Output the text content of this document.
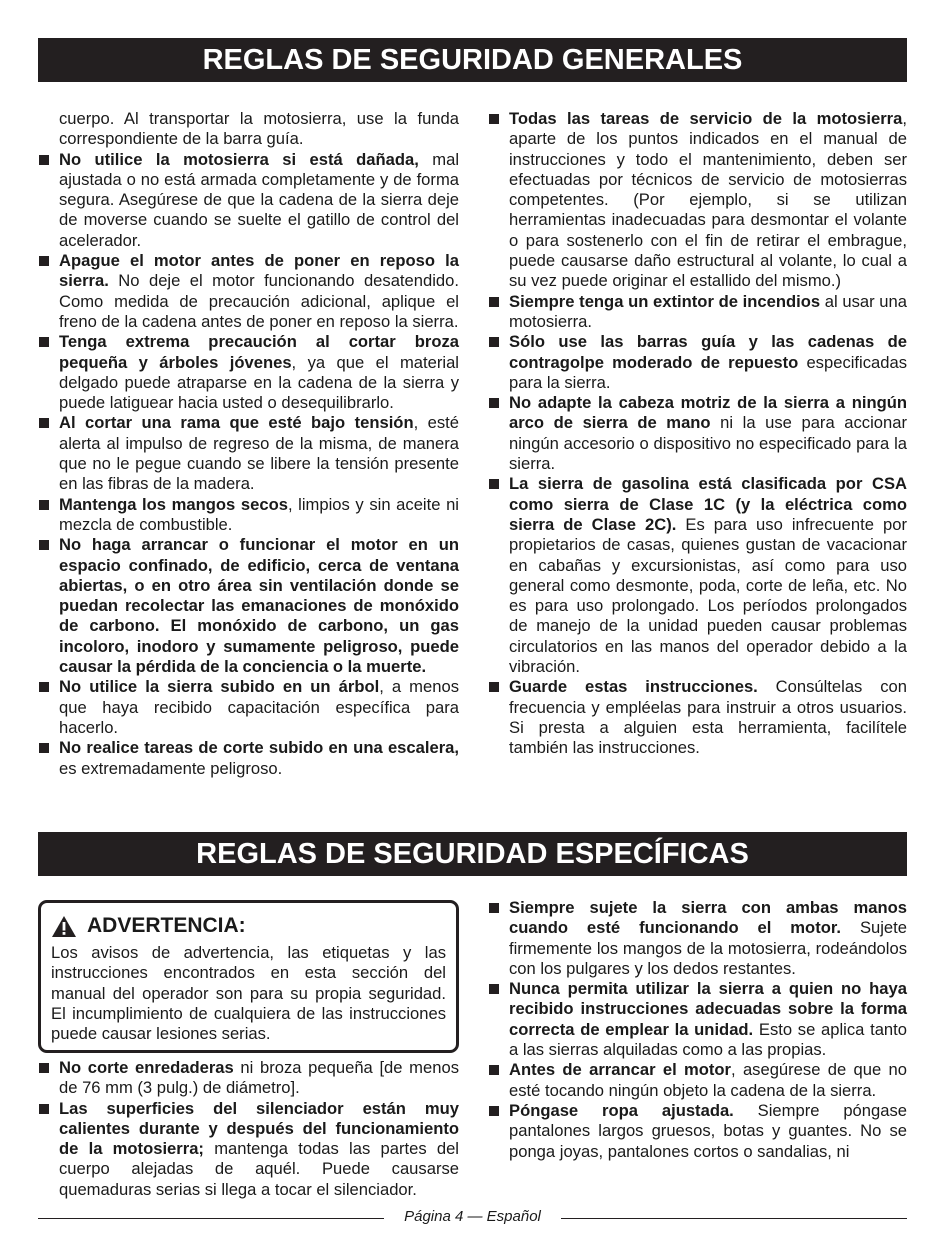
REGLAS DE SEGURIDAD GENERALES

cuerpo. Al transportar la motosierra, use la funda correspondiente de la barra guía.

No utilice la motosierra si está dañada, mal ajustada o no está armada completamente y de forma segura. Asegúrese de que la cadena de la sierra deje de moverse cuando se suelte el gatillo de control del acelerador.

Apague el motor antes de poner en reposo la sierra. No deje el motor funcionando desatendido. Como medida de precaución adicional, aplique el freno de la cadena antes de poner en reposo la sierra.

Tenga extrema precaución al cortar broza pequeña y árboles jóvenes, ya que el material delgado puede atraparse en la cadena de la sierra y puede latiguear hacia usted o desequilibrarlo.

Al cortar una rama que esté bajo tensión, esté alerta al impulso de regreso de la misma, de manera que no le pegue cuando se libere la tensión presente en las fibras de la madera.

Mantenga los mangos secos, limpios y sin aceite ni mezcla de combustible.

No haga arrancar o funcionar el motor en un espacio confinado, de edificio, cerca de ventana abiertas, o en otro área sin ventilación donde se puedan recolectar las emanaciones de monóxido de carbono. El monóxido de carbono, un gas incoloro, inodoro y sumamente peligroso, puede causar la pérdida de la conciencia o la muerte.

No utilice la sierra subido en un árbol, a menos que haya recibido capacitación específica para hacerlo.

No realice tareas de corte subido en una escalera, es extremadamente peligroso.

Todas las tareas de servicio de la motosierra, aparte de los puntos indicados en el manual de instrucciones y todo el mantenimiento, deben ser efectuadas por técnicos de servicio de motosierras competentes. (Por ejemplo, si se utilizan herramientas inadecuadas para desmontar el volante o para sostenerlo con el fin de retirar el embrague, puede causarse daño estructural al volante, lo cual a su vez puede originar el estallido del mismo.)

Siempre tenga un extintor de incendios al usar una motosierra.

Sólo use las barras guía y las cadenas de contragolpe moderado de repuesto especificadas para la sierra.

No adapte la cabeza motriz de la sierra a ningún arco de sierra de mano ni la use para accionar ningún accesorio o dispositivo no especificado para la sierra.

La sierra de gasolina está clasificada por CSA como sierra de Clase 1C (y la eléctrica como sierra de Clase 2C). Es para uso infrecuente por propietarios de casas, quienes gustan de vacacionar en cabañas y excursionistas, así como para uso general como desmonte, poda, corte de leña, etc. No es para uso prolongado. Los períodos prolongados de manejo de la unidad pueden causar problemas circulatorios en las manos del operador debido a la vibración.

Guarde estas instrucciones. Consúltelas con frecuencia y empléelas para instruir a otros usuarios. Si presta a alguien esta herramienta, facilítele también las instrucciones.

REGLAS DE SEGURIDAD ESPECÍFICAS
ADVERTENCIA:
Los avisos de advertencia, las etiquetas y las instrucciones encontrados en esta sección del manual del operador son para su propia seguridad. El incumplimiento de cualquiera de las instrucciones puede causar lesiones serias.

No corte enredaderas ni broza pequeña [de menos de 76 mm (3 pulg.) de diámetro].

Las superficies del silenciador están muy calientes durante y después del funcionamiento de la motosierra; mantenga todas las partes del cuerpo alejadas de aquél. Puede causarse quemaduras serias si llega a tocar el silenciador.

Siempre sujete la sierra con ambas manos cuando esté funcionando el motor. Sujete firmemente los mangos de la motosierra, rodeándolos con los pulgares y los dedos restantes.

Nunca permita utilizar la sierra a quien no haya recibido instrucciones adecuadas sobre la forma correcta de emplear la unidad. Esto se aplica tanto a las sierras alquiladas como a las propias.

Antes de arrancar el motor, asegúrese de que no esté tocando ningún objeto la cadena de la sierra.

Póngase ropa ajustada. Siempre póngase pantalones largos gruesos, botas y guantes. No se ponga joyas, pantalones cortos o sandalias, ni

Página 4 — Español
